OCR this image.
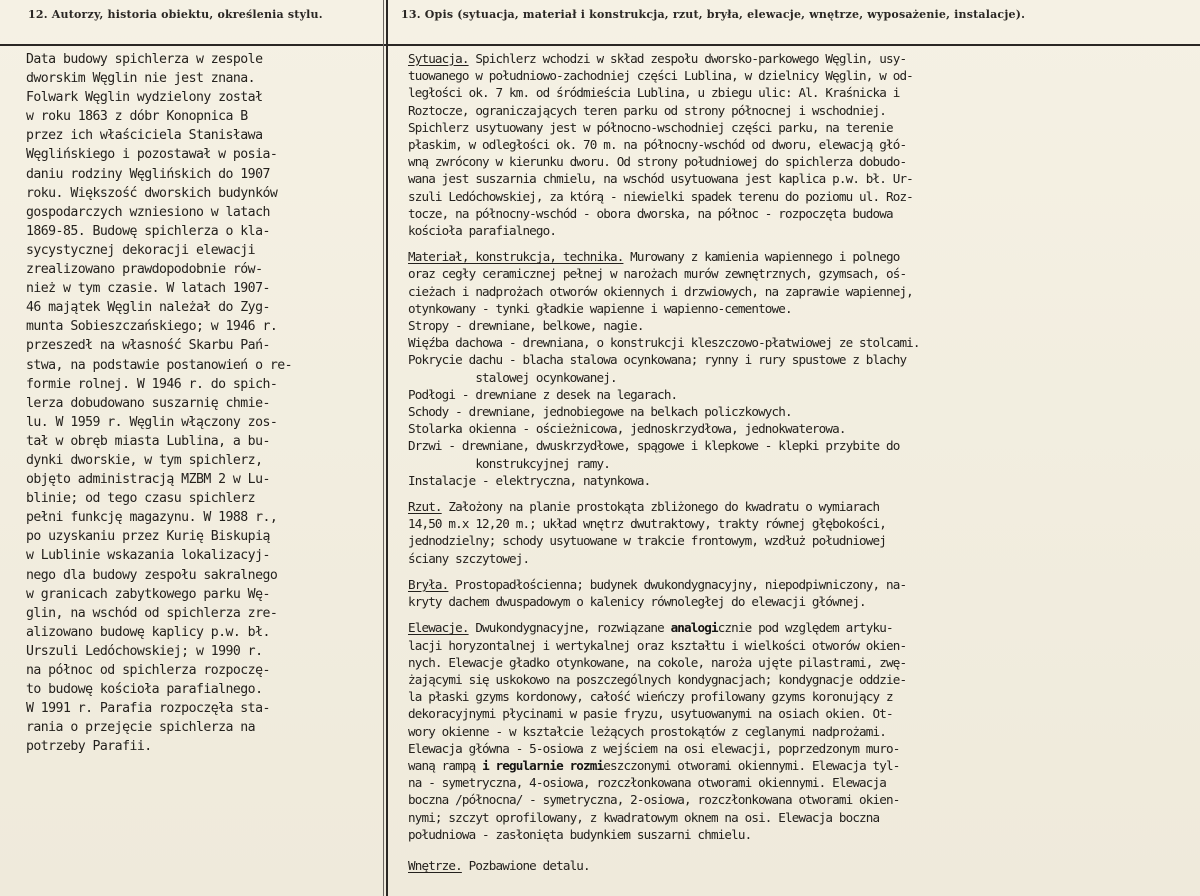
12. Autorzy, historia obiektu, określenia stylu.	13. Opis (sytuacja, materiał i konstrukcja, rzut, bryła, elewacje, wnętrze, wyposażenie, instalacje).
Data budowy spichlerza w zespole
dworskim Węglin nie jest znana.
Folwark Węglin wydzielony został
w roku 1863 z dóbr Konopnica B
przez ich właściciela Stanisława
Węglińskiego i pozostawał w posia-
daniu rodziny Węglińskich do 1907
roku. Większość dworskich budynków
gospodarczych wzniesiono w latach
1869-85. Budowę spichlerza o kla-
sycystycznej dekoracji elewacji
zrealizowano prawdopodobnie rów-
nież w tym czasie. W latach 1907-
46 majątek Węglin należał do Zyg-
munta Sobieszczańskiego; w 1946 r.
przeszedł na własność Skarbu Pań-
stwa, na podstawie postanowień o re-
formie rolnej. W 1946 r. do spich-
lerza dobudowano suszarnię chmie-
lu. W 1959 r. Węglin włączony zos-
tał w obręb miasta Lublina, a bu-
dynki dworskie, w tym spichlerz,
objęto administracją MZBM 2 w Lu-
blinie; od tego czasu spichlerz
pełni funkcję magazynu. W 1988 r.,
po uzyskaniu przez Kurię Biskupią
w Lublinie wskazania lokalizacyj-
nego dla budowy zespołu sakralnego
w granicach zabytkowego parku Wę-
glin, na wschód od spichlerza zre-
alizowano budowę kaplicy p.w. bł.
Urszuli Ledóchowskiej; w 1990 r.
na północ od spichlerza rozpoczę-
to budowę kościoła parafialnego.
W 1991 r. Parafia rozpoczęła sta-
rania o przejęcie spichlerza na
potrzeby Parafii.
Sytuacja. Spichlerz wchodzi w skład zespołu dworsko-parkowego Węglin, usy-
tuowanego w południowo-zachodniej części Lublina, w dzielnicy Węglin, w od-
ległości ok. 7 km. od śródmieścia Lublina, u zbiegu ulic: Al. Kraśnicka i
Roztocze, ograniczających teren parku od strony północnej i wschodniej.
Spichlerz usytuowany jest w północno-wschodniej części parku, na terenie
płaskim, w odległości ok. 70 m. na północny-wschód od dworu, elewacją głó-
wną zwrócony w kierunku dworu. Od strony południowej do spichlerza dobudo-
wana jest suszarnia chmielu, na wschód usytuowana jest kaplica p.w. bł. Ur-
szuli Ledóchowskiej, za którą - niewielki spadek terenu do poziomu ul. Roz-
tocze, na północny-wschód - obora dworska, na północ - rozpoczęta budowa
kościoła parafialnego.
Materiał, konstrukcja, technika. Murowany z kamienia wapiennego i polnego
oraz cegły ceramicznej pełnej w narożach murów zewnętrznych, gzymsach, oś-
cieżach i nadprożach otworów okiennych i drzwiowych, na zaprawie wapiennej,
otynkowany - tynki gładkie wapienne i wapienno-cementowe.
Stropy - drewniane, belkowe, nagie.
Więźba dachowa - drewniana, o konstrukcji kleszczowo-płatwiowej ze stolcami.
Pokrycie dachu - blacha stalowa ocynkowana; rynny i rury spustowe z blachy
stalowej ocynkowanej.
Podłogi - drewniane z desek na legarach.
Schody - drewniane, jednobiegowe na belkach policzkowych.
Stolarka okienna - ościeżnicowa, jednoskrzydłowa, jednokwaterowa.
Drzwi - drewniane, dwuskrzydłowe, spągowe i klepkowe - klepki przybite do
konstrukcyjnej ramy.
Instalacje - elektryczna, natynkowa.
Rzut. Założony na planie prostokąta zbliżonego do kwadratu o wymiarach
14,50 m.x 12,20 m.; układ wnętrz dwutraktowy, trakty równej głębokości,
jednodzielny; schody usytuowane w trakcie frontowym, wzdłuż południowej
ściany szczytowej.
Bryła. Prostopadłościenna; budynek dwukondygnacyjny, niepodpiwniczony, na-
kryty dachem dwuspadowym o kalenicy równoległej do elewacji głównej.
Elewacje. Dwukondygnacyjne, rozwiązane analogicznie pod względem artyku-
lacji horyzontalnej i wertykalnej oraz kształtu i wielkości otworów okien-
nych. Elewacje gładko otynkowane, na cokole, naroża ujęte pilastrami, zwę-
żającymi się uskokowo na poszczególnych kondygnacjach; kondygnacje oddzie-
la płaski gzyms kordonowy, całość wieńczy profilowany gzyms koronujący z
dekoracyjnymi płycinami w pasie fryzu, usytuowanymi na osiach okien. Ot-
wory okienne - w kształcie leżących prostokątów z ceglanymi nadprożami.
Elewacja główna - 5-osiowa z wejściem na osi elewacji, poprzedzonym muro-
waną rampą i regularnie rozmieszczonymi otworami okiennymi. Elewacja tyl-
na - symetryczna, 4-osiowa, rozczłonkowana otworami okiennymi. Elewacja
boczna /północna/ - symetryczna, 2-osiowa, rozczłonkowana otworami okien-
nymi; szczyt oprofilowany, z kwadratowym oknem na osi. Elewacja boczna
południowa - zasłonięta budynkiem suszarni chmielu.
Wnętrze. Pozbawione detalu.
